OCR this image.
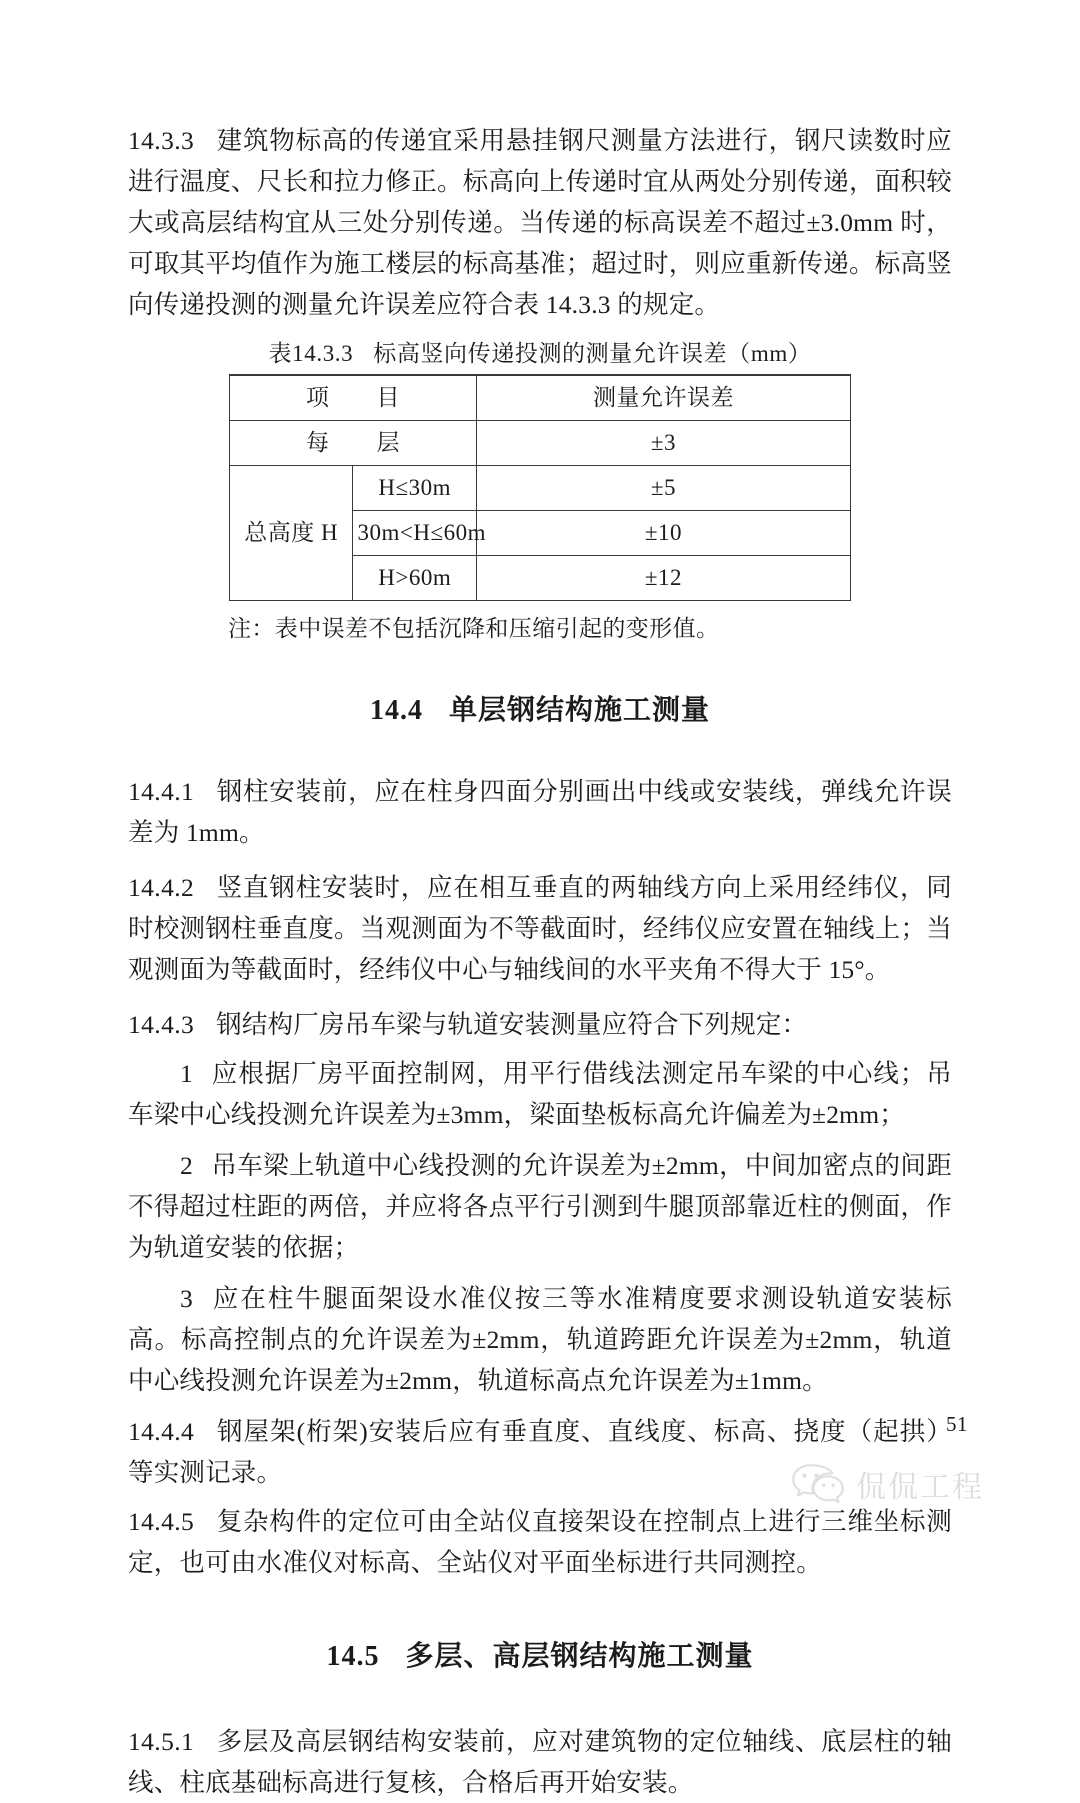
14.3.3 建筑物标高的传递宜采用悬挂钢尺测量方法进行，钢尺读数时应进行温度、尺长和拉力修正。标高向上传递时宜从两处分别传递，面积较大或高层结构宜从三处分别传递。当传递的标高误差不超过±3.0mm 时，可取其平均值作为施工楼层的标高基准；超过时，则应重新传递。标高竖向传递投测的测量允许误差应符合表 14.3.3 的规定。

表14.3.3 标高竖向传递投测的测量允许误差（mm）
项　　目		测量允许误差
每　　层		±3
总高度 H	H≤30m	±5
	30m<H≤60m	±10
	H>60m	±12
注：表中误差不包括沉降和压缩引起的变形值。
14.4 单层钢结构施工测量

14.4.1 钢柱安装前，应在柱身四面分别画出中线或安装线，弹线允许误差为 1mm。

14.4.2 竖直钢柱安装时，应在相互垂直的两轴线方向上采用经纬仪，同时校测钢柱垂直度。当观测面为不等截面时，经纬仪应安置在轴线上；当观测面为等截面时，经纬仪中心与轴线间的水平夹角不得大于 15°。

14.4.3 钢结构厂房吊车梁与轨道安装测量应符合下列规定：

1 应根据厂房平面控制网，用平行借线法测定吊车梁的中心线；吊车梁中心线投测允许误差为±3mm，梁面垫板标高允许偏差为±2mm；

2 吊车梁上轨道中心线投测的允许误差为±2mm，中间加密点的间距不得超过柱距的两倍，并应将各点平行引测到牛腿顶部靠近柱的侧面，作为轨道安装的依据；

3 应在柱牛腿面架设水准仪按三等水准精度要求测设轨道安装标高。标高控制点的允许误差为±2mm，轨道跨距允许误差为±2mm，轨道中心线投测允许误差为±2mm，轨道标高点允许误差为±1mm。

14.4.4 钢屋架(桁架)安装后应有垂直度、直线度、标高、挠度（起拱）等实测记录。

14.4.5 复杂构件的定位可由全站仪直接架设在控制点上进行三维坐标测定，也可由水准仪对标高、全站仪对平面坐标进行共同测控。

14.5 多层、高层钢结构施工测量

14.5.1 多层及高层钢结构安装前，应对建筑物的定位轴线、底层柱的轴线、柱底基础标高进行复核，合格后再开始安装。

51
侃侃工程
